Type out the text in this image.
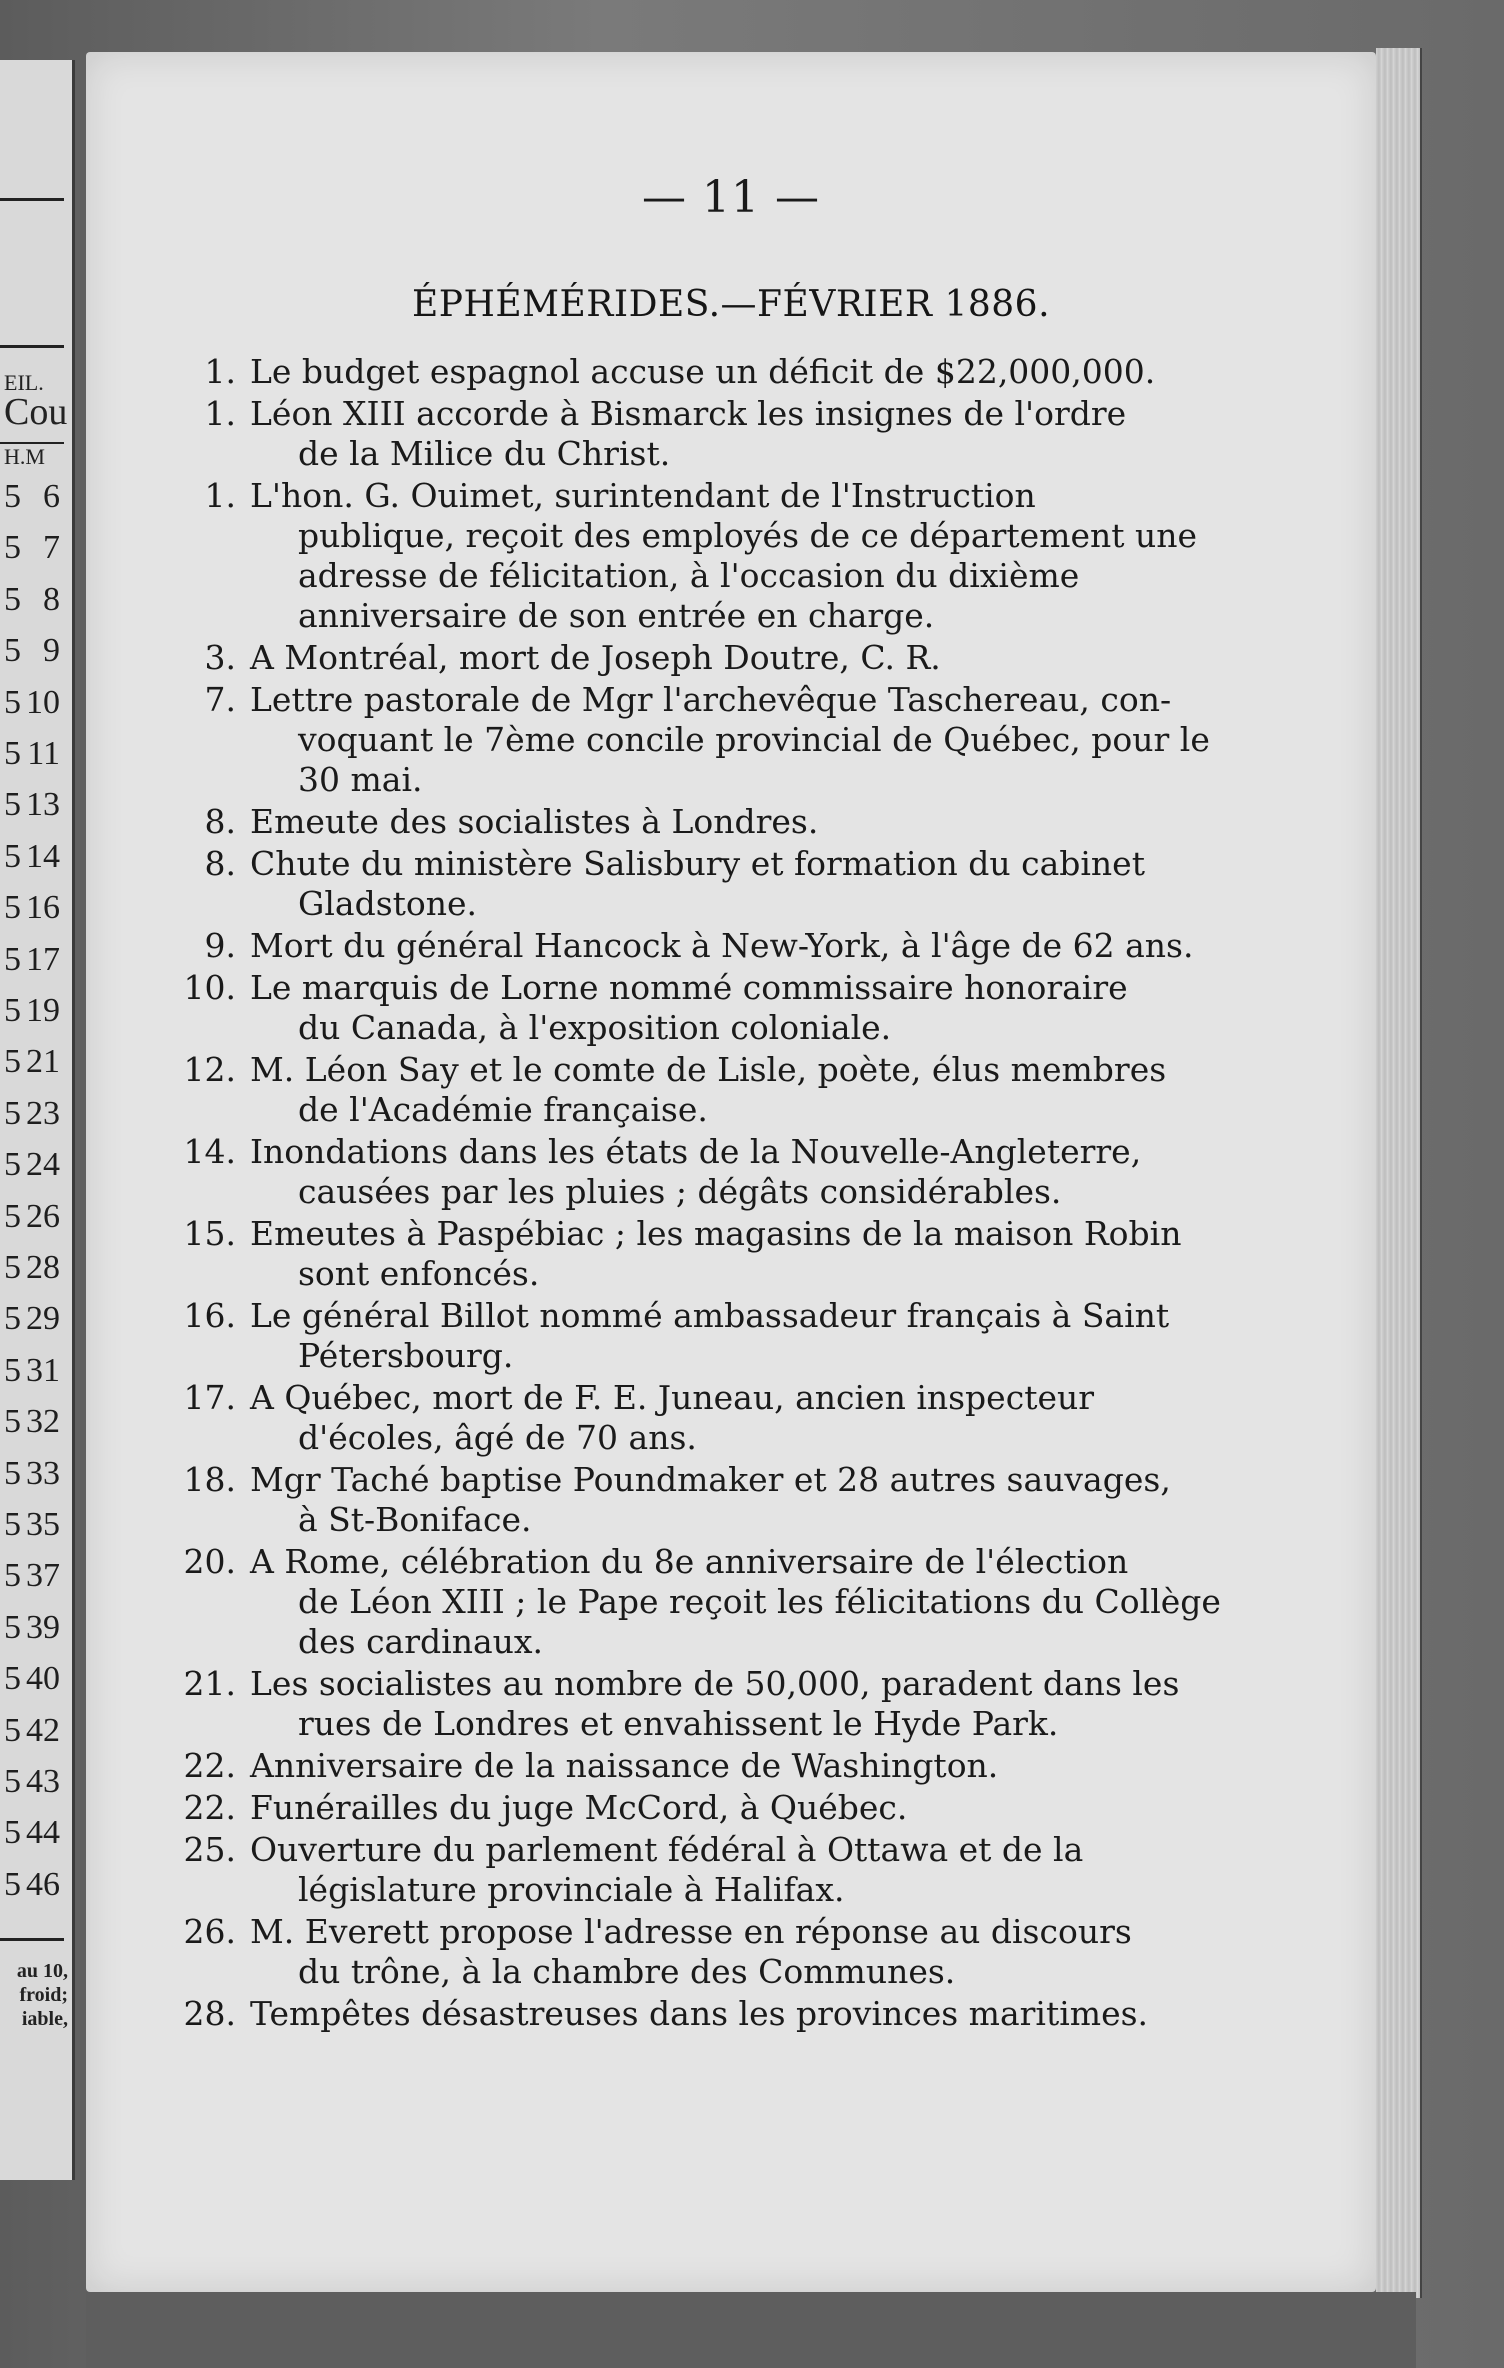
EIL.
Cou
H.M
5 6
5 7
5 8
5 9
5 10
5 11
5 13
5 14
5 16
5 17
5 19
5 21
5 23
5 24
5 26
5 28
5 29
5 31
5 32
5 33
5 35
5 37
5 39
5 40
5 42
5 43
5 44
5 46
au 10,
froid;
iable,
— 11 —
ÉPHÉMÉRIDES.—FÉVRIER 1886.
1. Le budget espagnol accuse un déficit de $22,000,000.
1. Léon XIII accorde à Bismarck les insignes de l'ordre
de la Milice du Christ.
1. L'hon. G. Ouimet, surintendant de l'Instruction
publique, reçoit des employés de ce département une adresse de félicitation, à l'occasion du dixième anniversaire de son entrée en charge.
3. A Montréal, mort de Joseph Doutre, C. R.
7. Lettre pastorale de Mgr l'archevêque Taschereau, con-
voquant le 7ème concile provincial de Québec, pour le 30 mai.
8. Emeute des socialistes à Londres.
8. Chute du ministère Salisbury et formation du cabinet
Gladstone.
9. Mort du général Hancock à New-York, à l'âge de 62 ans.
10. Le marquis de Lorne nommé commissaire honoraire
du Canada, à l'exposition coloniale.
12. M. Léon Say et le comte de Lisle, poète, élus membres
de l'Académie française.
14. Inondations dans les états de la Nouvelle-Angleterre,
causées par les pluies ; dégâts considérables.
15. Emeutes à Paspébiac ; les magasins de la maison Robin
sont enfoncés.
16. Le général Billot nommé ambassadeur français à Saint
Pétersbourg.
17. A Québec, mort de F. E. Juneau, ancien inspecteur
d'écoles, âgé de 70 ans.
18. Mgr Taché baptise Poundmaker et 28 autres sauvages,
à St-Boniface.
20. A Rome, célébration du 8e anniversaire de l'élection
de Léon XIII ; le Pape reçoit les félicitations du Collège des cardinaux.
21. Les socialistes au nombre de 50,000, paradent dans les
rues de Londres et envahissent le Hyde Park.
22. Anniversaire de la naissance de Washington.
22. Funérailles du juge McCord, à Québec.
25. Ouverture du parlement fédéral à Ottawa et de la
législature provinciale à Halifax.
26. M. Everett propose l'adresse en réponse au discours
du trône, à la chambre des Communes.
28. Tempêtes désastreuses dans les provinces maritimes.
